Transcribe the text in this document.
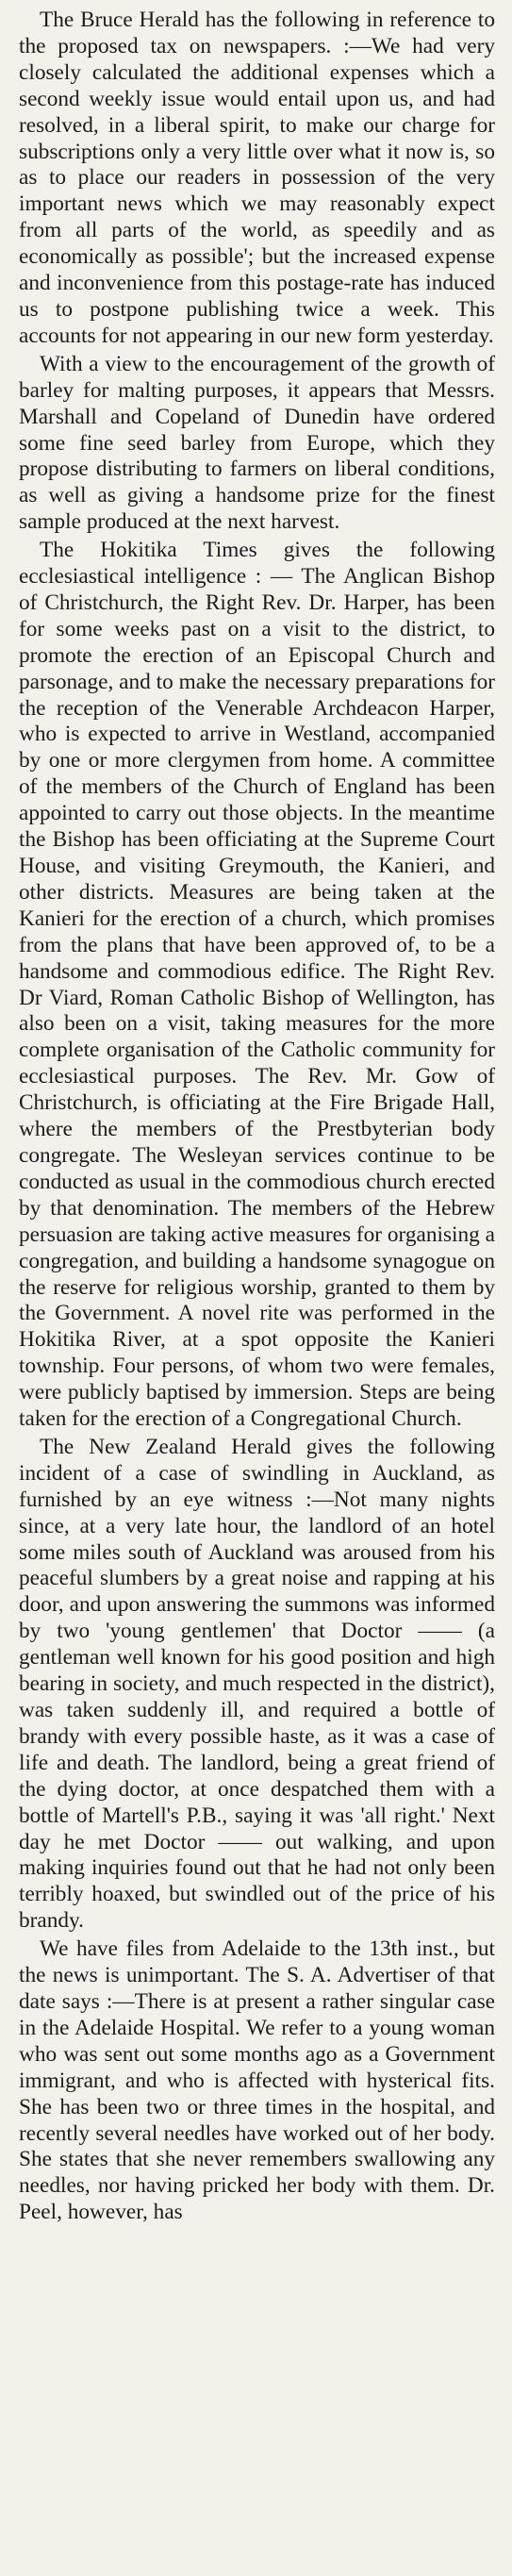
The Bruce Herald has the following in reference to the proposed tax on newspapers. :—We had very closely calculated the additional expenses which a second weekly issue would entail upon us, and had resolved, in a liberal spirit, to make our charge for subscriptions only a very little over what it now is, so as to place our readers in possession of the very important news which we may reasonably expect from all parts of the world, as speedily and as economically as possible'; but the increased expense and inconvenience from this postage-rate has induced us to postpone publishing twice a week. This accounts for not appearing in our new form yesterday.

With a view to the encouragement of the growth of barley for malting purposes, it appears that Messrs. Marshall and Copeland of Dunedin have ordered some fine seed barley from Europe, which they propose distributing to farmers on liberal conditions, as well as giving a handsome prize for the finest sample produced at the next harvest.

The Hokitika Times gives the following ecclesiastical intelligence : — The Anglican Bishop of Christchurch, the Right Rev. Dr. Harper, has been for some weeks past on a visit to the district, to promote the erection of an Episcopal Church and parsonage, and to make the necessary preparations for the reception of the Venerable Archdeacon Harper, who is expected to arrive in Westland, accompanied by one or more clergymen from home. A committee of the members of the Church of England has been appointed to carry out those objects. In the meantime the Bishop has been officiating at the Supreme Court House, and visiting Greymouth, the Kanieri, and other districts. Measures are being taken at the Kanieri for the erection of a church, which promises from the plans that have been approved of, to be a handsome and commodious edifice. The Right Rev. Dr Viard, Roman Catholic Bishop of Wellington, has also been on a visit, taking measures for the more complete organisation of the Catholic community for ecclesiastical purposes. The Rev. Mr. Gow of Christchurch, is officiating at the Fire Brigade Hall, where the members of the Prestbyterian body congregate. The Wesleyan services continue to be conducted as usual in the commodious church erected by that denomination. The members of the Hebrew persuasion are taking active measures for organising a congregation, and building a handsome synagogue on the reserve for religious worship, granted to them by the Government. A novel rite was performed in the Hokitika River, at a spot opposite the Kanieri township. Four persons, of whom two were females, were publicly baptised by immersion. Steps are being taken for the erection of a Congregational Church.

The New Zealand Herald gives the following incident of a case of swindling in Auckland, as furnished by an eye witness :—Not many nights since, at a very late hour, the landlord of an hotel some miles south of Auckland was aroused from his peaceful slumbers by a great noise and rapping at his door, and upon answering the summons was informed by two 'young gentlemen' that Doctor —— (a gentleman well known for his good position and high bearing in society, and much respected in the district), was taken suddenly ill, and required a bottle of brandy with every possible haste, as it was a case of life and death. The landlord, being a great friend of the dying doctor, at once despatched them with a bottle of Martell's P.B., saying it was 'all right.' Next day he met Doctor —— out walking, and upon making inquiries found out that he had not only been terribly hoaxed, but swindled out of the price of his brandy.

We have files from Adelaide to the 13th inst., but the news is unimportant. The S. A. Advertiser of that date says :—There is at present a rather singular case in the Adelaide Hospital. We refer to a young woman who was sent out some months ago as a Government immigrant, and who is affected with hysterical fits. She has been two or three times in the hospital, and recently several needles have worked out of her body. She states that she never remembers swallowing any needles, nor having pricked her body with them. Dr. Peel, however, has
